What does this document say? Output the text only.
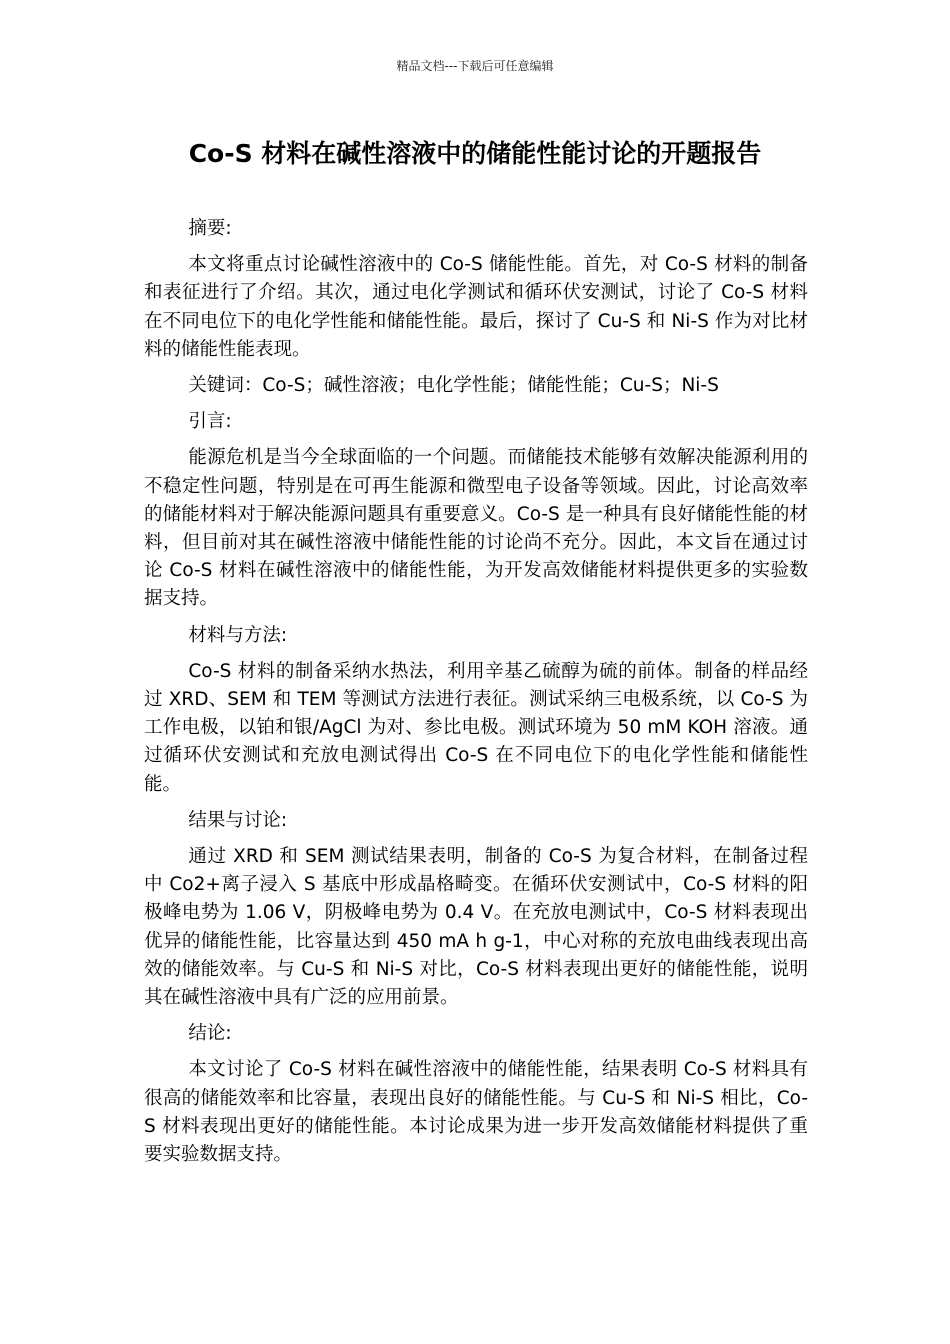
精品文档---下载后可任意编辑
Co-S 材料在碱性溶液中的储能性能讨论的开题报告

摘要:

本文将重点讨论碱性溶液中的 Co-S 储能性能。首先，对 Co-S 材料的制备和表征进行了介绍。其次，通过电化学测试和循环伏安测试，讨论了 Co-S 材料在不同电位下的电化学性能和储能性能。最后，探讨了 Cu-S 和 Ni-S 作为对比材料的储能性能表现。

关键词：Co-S；碱性溶液；电化学性能；储能性能；Cu-S；Ni-S

引言:

能源危机是当今全球面临的一个问题。而储能技术能够有效解决能源利用的不稳定性问题，特别是在可再生能源和微型电子设备等领域。因此，讨论高效率的储能材料对于解决能源问题具有重要意义。Co-S 是一种具有良好储能性能的材料，但目前对其在碱性溶液中储能性能的讨论尚不充分。因此，本文旨在通过讨论 Co-S 材料在碱性溶液中的储能性能，为开发高效储能材料提供更多的实验数据支持。

材料与方法:

Co-S 材料的制备采纳水热法，利用辛基乙硫醇为硫的前体。制备的样品经过 XRD、SEM 和 TEM 等测试方法进行表征。测试采纳三电极系统，以 Co-S 为工作电极，以铂和银/AgCl 为对、参比电极。测试环境为 50 mM KOH 溶液。通过循环伏安测试和充放电测试得出 Co-S 在不同电位下的电化学性能和储能性能。

结果与讨论:

通过 XRD 和 SEM 测试结果表明，制备的 Co-S 为复合材料，在制备过程中 Co2+离子浸入 S 基底中形成晶格畸变。在循环伏安测试中，Co-S 材料的阳极峰电势为 1.06 V，阴极峰电势为 0.4 V。在充放电测试中，Co-S 材料表现出优异的储能性能，比容量达到 450 mA h g-1，中心对称的充放电曲线表现出高效的储能效率。与 Cu-S 和 Ni-S 对比，Co-S 材料表现出更好的储能性能，说明其在碱性溶液中具有广泛的应用前景。

结论:

本文讨论了 Co-S 材料在碱性溶液中的储能性能，结果表明 Co-S 材料具有很高的储能效率和比容量，表现出良好的储能性能。与 Cu-S 和 Ni-S 相比，Co-S 材料表现出更好的储能性能。本讨论成果为进一步开发高效储能材料提供了重要实验数据支持。
